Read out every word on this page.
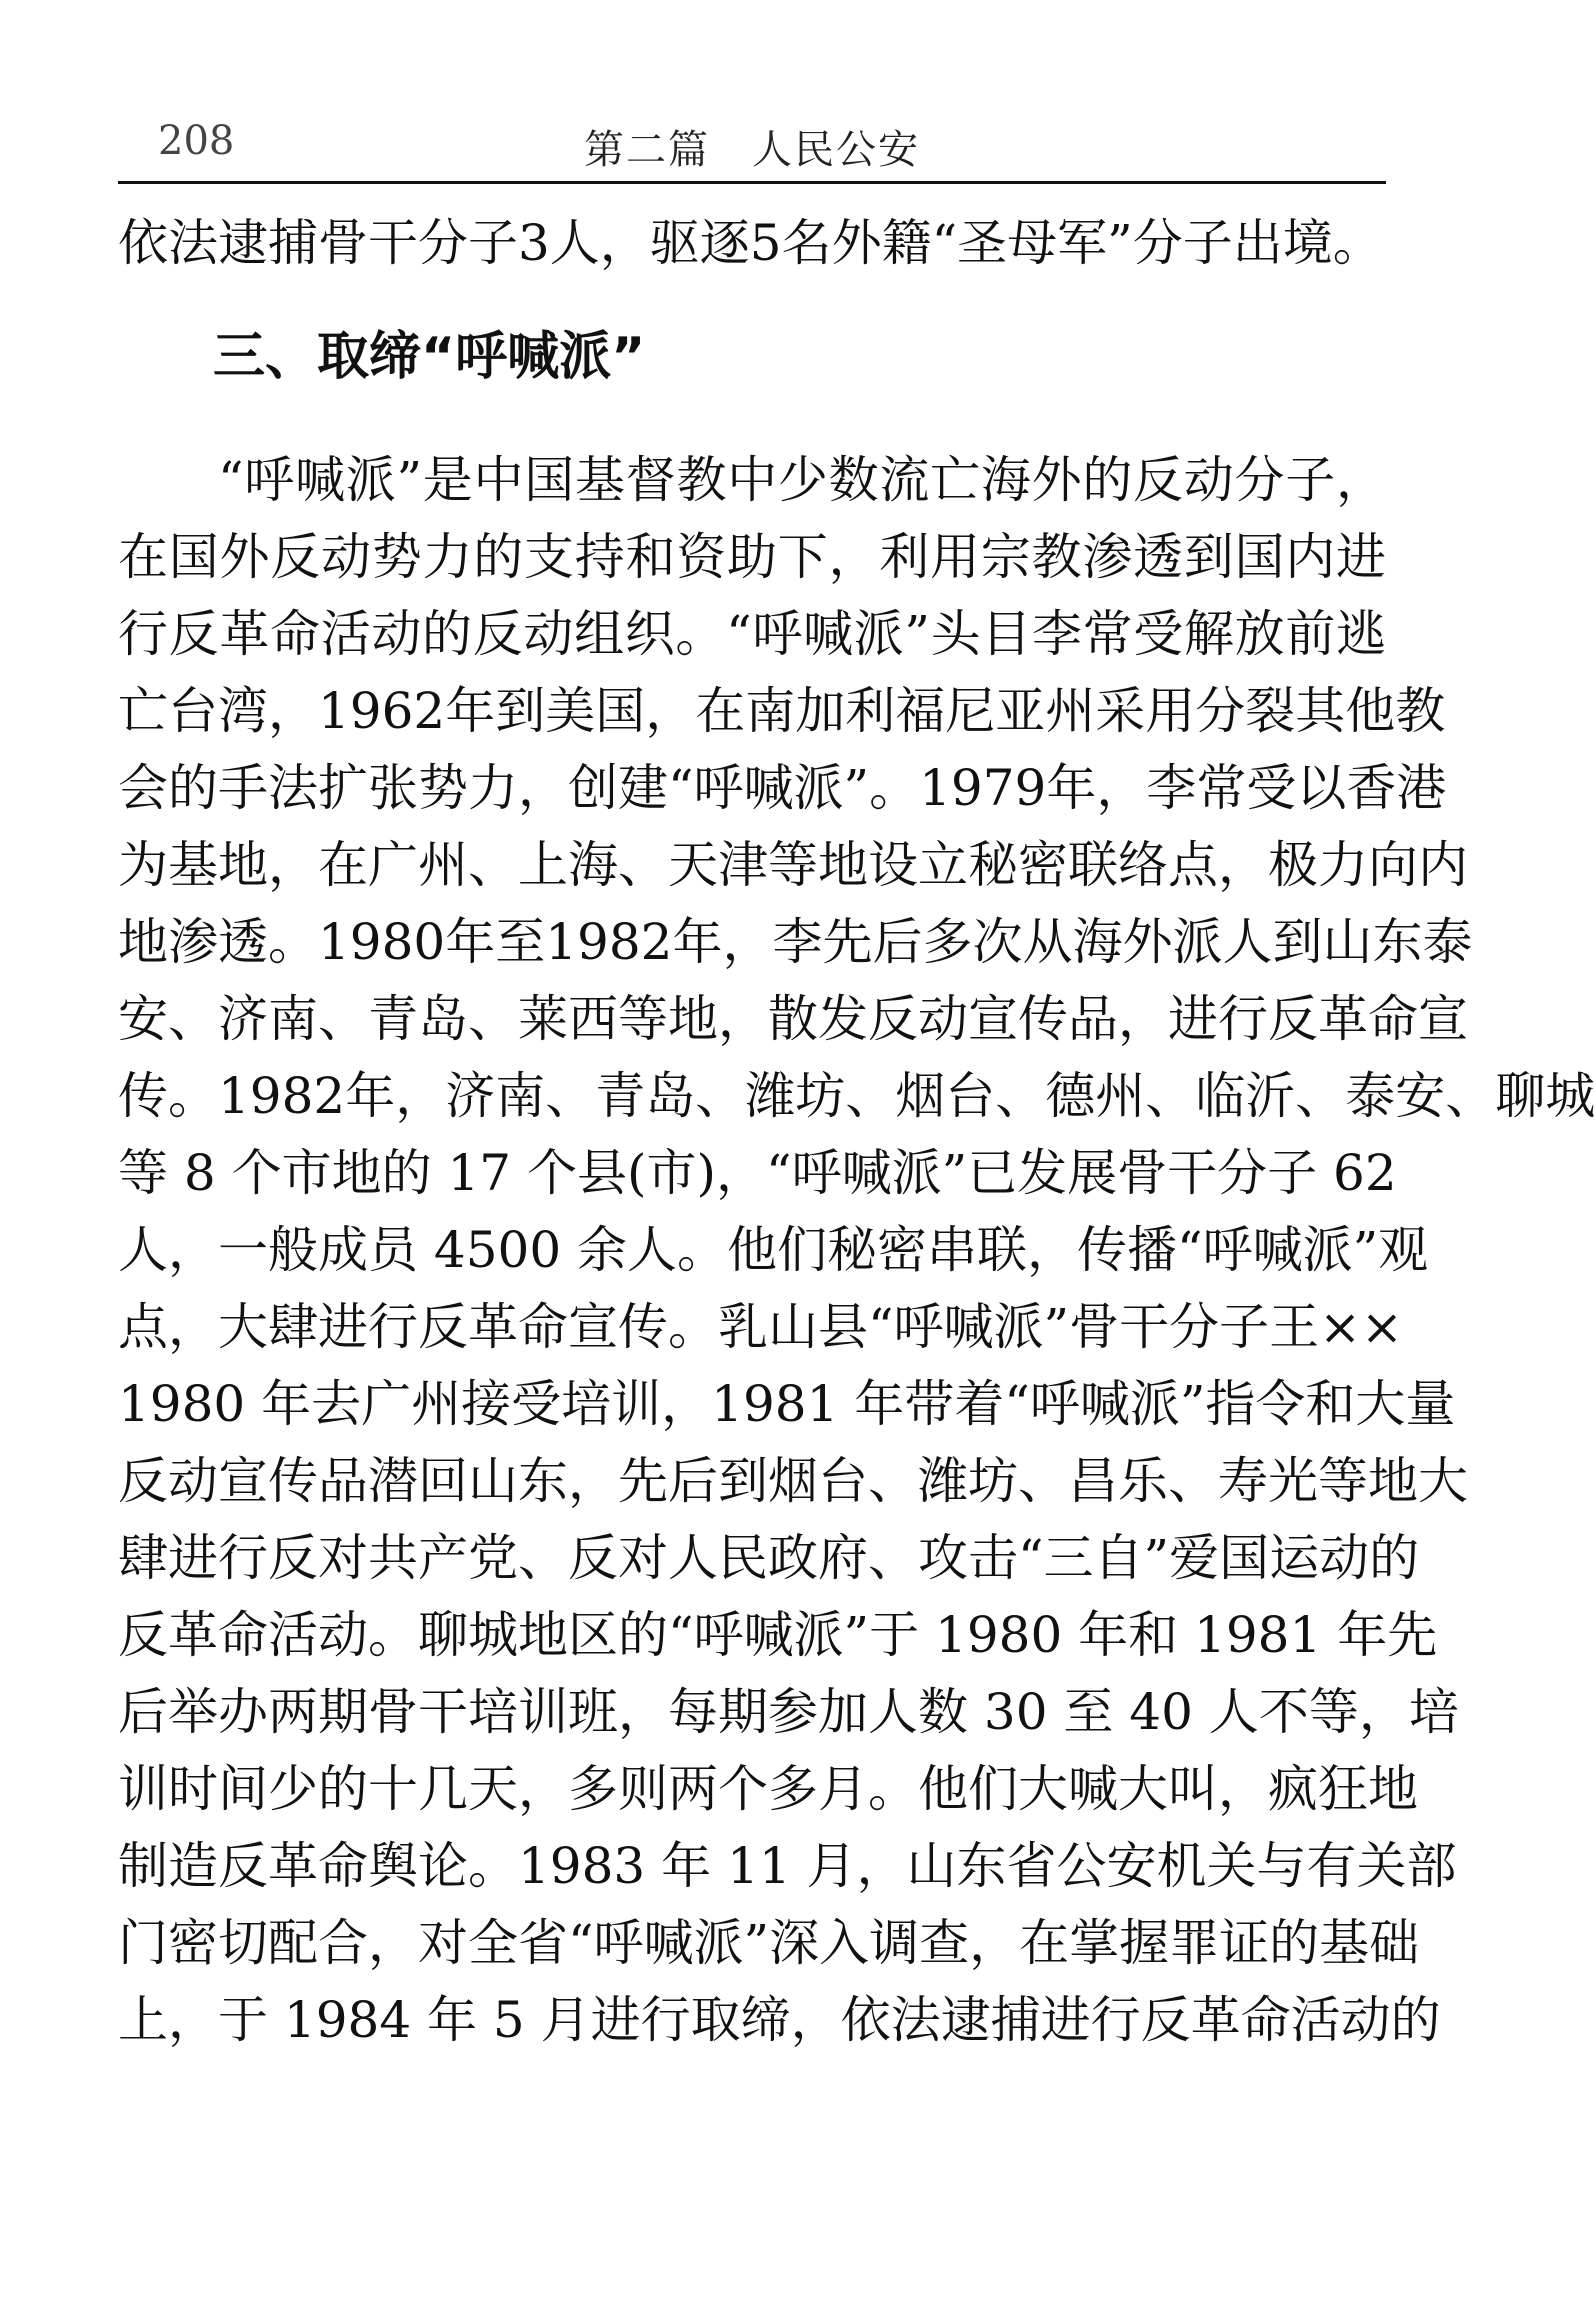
208	第二篇　人民公安
依法逮捕骨干分子3人，驱逐5名外籍“圣母军”分子出境。
三、取缔“呼喊派”
“呼喊派”是中国基督教中少数流亡海外的反动分子，
在国外反动势力的支持和资助下，利用宗教渗透到国内进
行反革命活动的反动组织。“呼喊派”头目李常受解放前逃
亡台湾，1962年到美国，在南加利福尼亚州采用分裂其他教
会的手法扩张势力，创建“呼喊派”。1979年，李常受以香港
为基地，在广州、上海、天津等地设立秘密联络点，极力向内
地渗透。1980年至1982年，李先后多次从海外派人到山东泰
安、济南、青岛、莱西等地，散发反动宣传品，进行反革命宣
传。1982年，济南、青岛、潍坊、烟台、德州、临沂、泰安、聊城
等 8 个市地的 17 个县(市)，“呼喊派”已发展骨干分子 62
人，一般成员 4500 余人。他们秘密串联，传播“呼喊派”观
点，大肆进行反革命宣传。乳山县“呼喊派”骨干分子王××
1980 年去广州接受培训，1981 年带着“呼喊派”指令和大量
反动宣传品潜回山东，先后到烟台、潍坊、昌乐、寿光等地大
肆进行反对共产党、反对人民政府、攻击“三自”爱国运动的
反革命活动。聊城地区的“呼喊派”于 1980 年和 1981 年先
后举办两期骨干培训班，每期参加人数 30 至 40 人不等，培
训时间少的十几天，多则两个多月。他们大喊大叫，疯狂地
制造反革命舆论。1983 年 11 月，山东省公安机关与有关部
门密切配合，对全省“呼喊派”深入调查，在掌握罪证的基础
上，于 1984 年 5 月进行取缔，依法逮捕进行反革命活动的
